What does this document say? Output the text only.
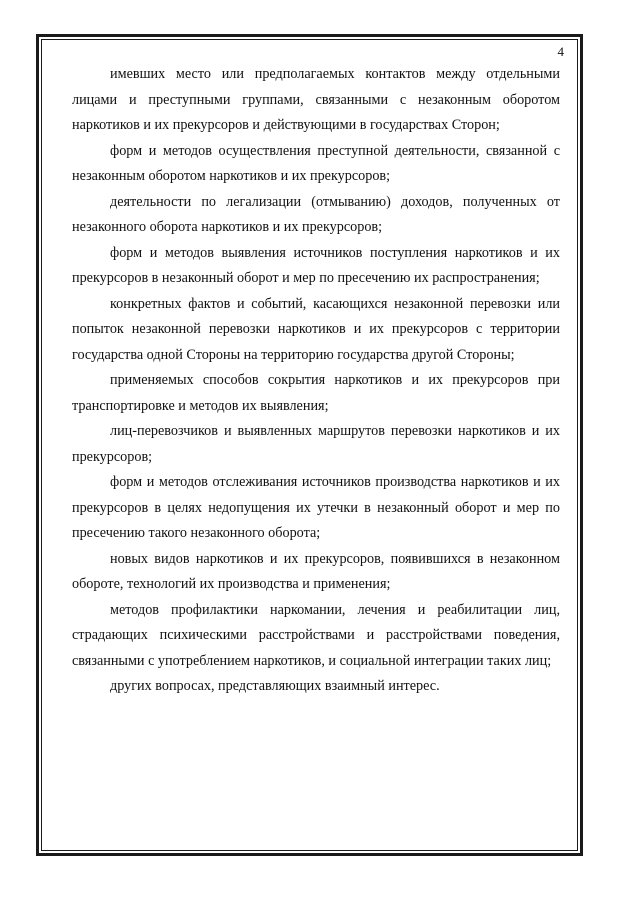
4

имевших место или предполагаемых контактов между отдельными лицами и преступными группами, связанными с незаконным оборотом наркотиков и их прекурсоров и действующими в государствах Сторон;

форм и методов осуществления преступной деятельности, связанной с незаконным оборотом наркотиков и их прекурсоров;

деятельности по легализации (отмыванию) доходов, полученных от незаконного оборота наркотиков и их прекурсоров;

форм и методов выявления источников поступления наркотиков и их прекурсоров в незаконный оборот и мер по пресечению их распространения;

конкретных фактов и событий, касающихся незаконной перевозки или попыток незаконной перевозки наркотиков и их прекурсоров с территории государства одной Стороны на территорию государства другой Стороны;

применяемых способов сокрытия наркотиков и их прекурсоров при транспортировке и методов их выявления;

лиц-перевозчиков и выявленных маршрутов перевозки наркотиков и их прекурсоров;

форм и методов отслеживания источников производства наркотиков и их прекурсоров в целях недопущения их утечки в незаконный оборот и мер по пресечению такого незаконного оборота;

новых видов наркотиков и их прекурсоров, появившихся в незаконном обороте, технологий их производства и применения;

методов профилактики наркомании, лечения и реабилитации лиц, страдающих психическими расстройствами и расстройствами поведения, связанными с употреблением наркотиков, и социальной интеграции таких лиц;

других вопросах, представляющих взаимный интерес.
